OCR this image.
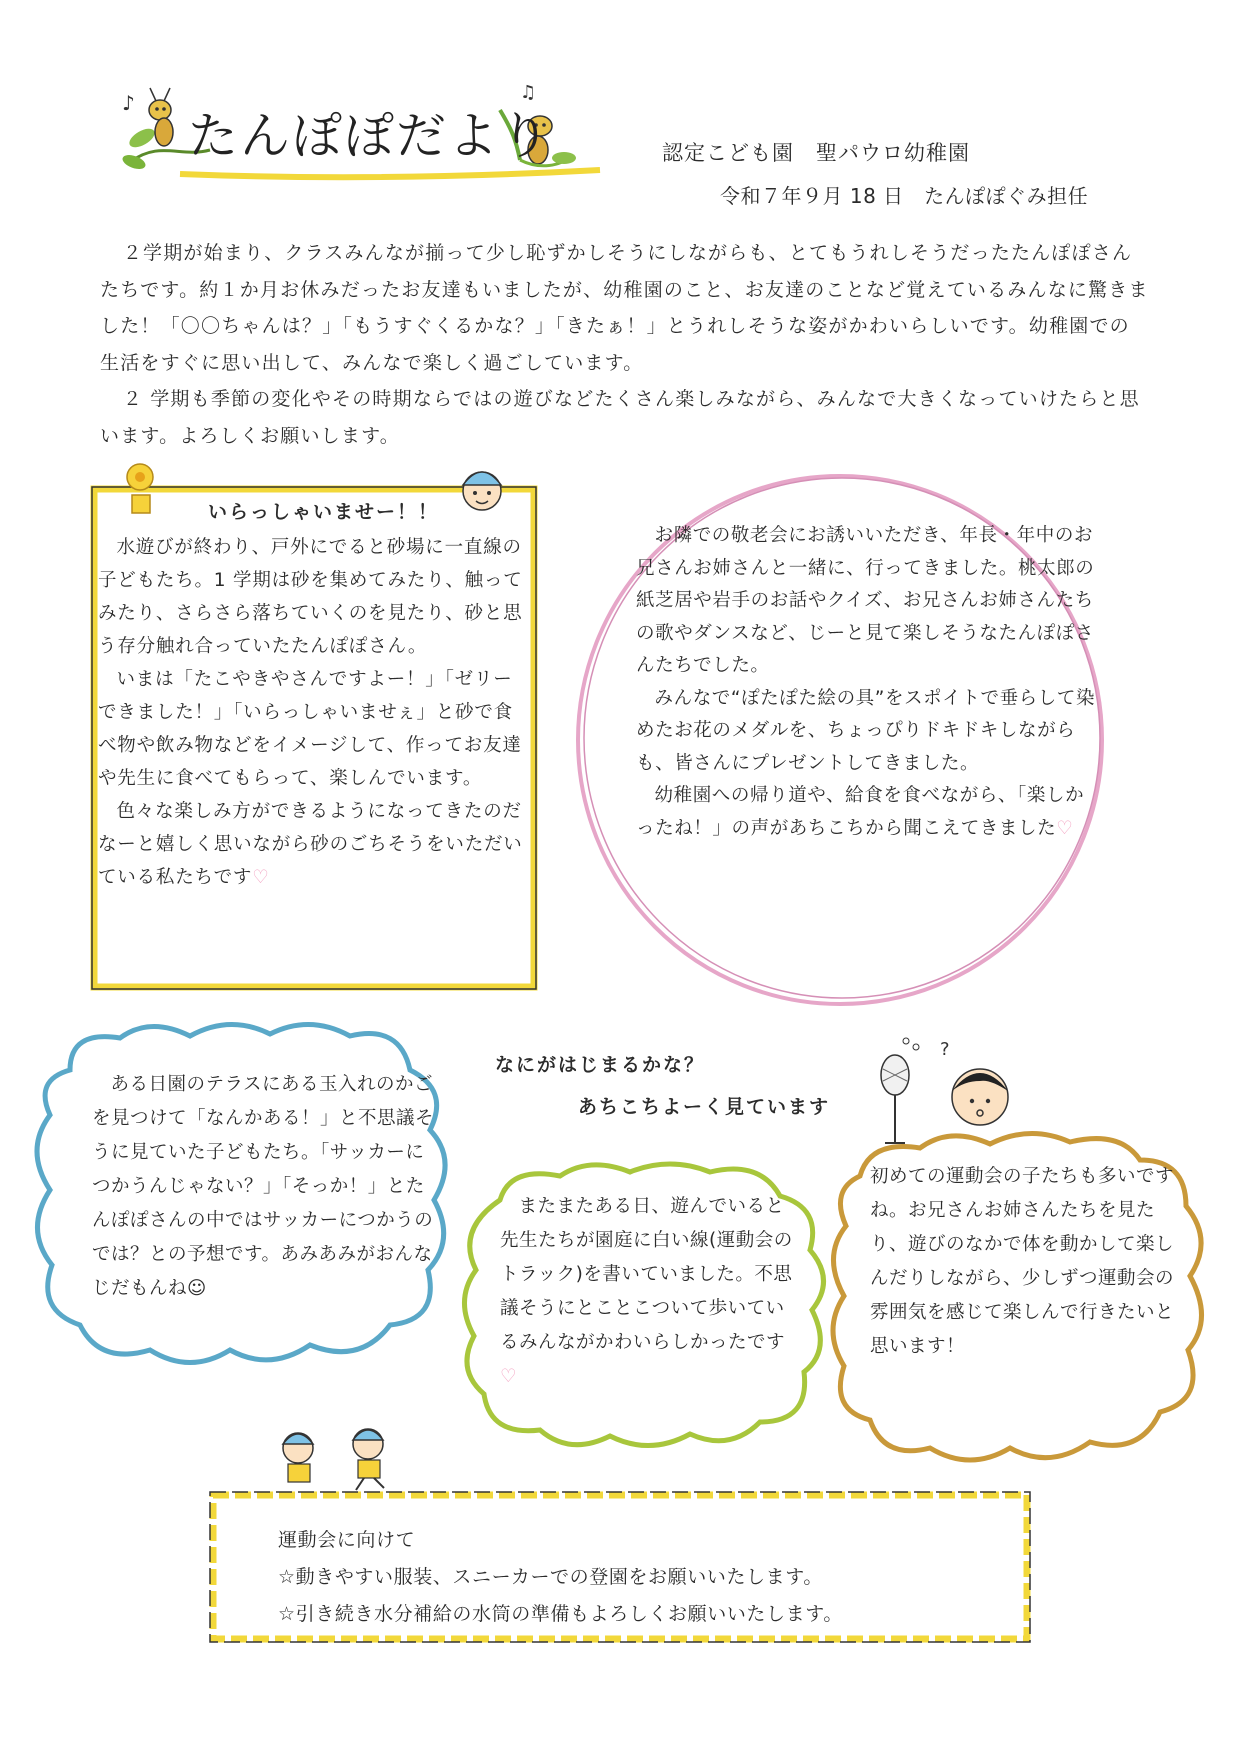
♪	♫
たんぽぽだより	認定こども園　聖パウロ幼稚園
令和７年９月 18 日　たんぽぽぐみ担任

２学期が始まり、クラスみんなが揃って少し恥ずかしそうにしながらも、とてもうれしそうだったたんぽぽさんたちです。約１か月お休みだったお友達もいましたが、幼稚園のこと、お友達のことなど覚えているみんなに驚きました！「〇〇ちゃんは？」「もうすぐくるかな？」「きたぁ！」とうれしそうな姿がかわいらしいです。幼稚園での生活をすぐに思い出して、みんなで楽しく過ごしています。

２ 学期も季節の変化やその時期ならではの遊びなどたくさん楽しみながら、みんなで大きくなっていけたらと思います。よろしくお願いします。

いらっしゃいませー！！

水遊びが終わり、戸外にでると砂場に一直線の子どもたち。1 学期は砂を集めてみたり、触ってみたり、さらさら落ちていくのを見たり、砂と思う存分触れ合っていたたんぽぽさん。

いまは「たこやきやさんですよー！」「ゼリーできました！」「いらっしゃいませぇ」と砂で食べ物や飲み物などをイメージして、作ってお友達や先生に食べてもらって、楽しんでいます。

色々な楽しみ方ができるようになってきたのだなーと嬉しく思いながら砂のごちそうをいただいている私たちです♡

お隣での敬老会にお誘いいただき、年長・年中のお兄さんお姉さんと一緒に、行ってきました。桃太郎の紙芝居や岩手のお話やクイズ、お兄さんお姉さんたちの歌やダンスなど、じーと見て楽しそうなたんぽぽさんたちでした。

みんなで“ぽたぽた絵の具”をスポイトで垂らして染めたお花のメダルを、ちょっぴりドキドキしながらも、皆さんにプレゼントしてきました。

幼稚園への帰り道や、給食を食べながら、「楽しかったね！」の声があちこちから聞こえてきました♡

なにがはじまるかな？
あちこちよーく見ています
?

ある日園のテラスにある玉入れのかごを見つけて「なんかある！」と不思議そうに見ていた子どもたち。「サッカーにつかうんじゃない？」「そっか！」とたんぽぽさんの中ではサッカーにつかうのでは？との予想です。あみあみがおんなじだもんね☺

またまたある日、遊んでいると先生たちが園庭に白い線(運動会のトラック)を書いていました。不思議そうにとことこついて歩いているみんながかわいらしかったです♡

初めての運動会の子たちも多いですね。お兄さんお姉さんたちを見たり、遊びのなかで体を動かして楽しんだりしながら、少しずつ運動会の雰囲気を感じて楽しんで行きたいと思います！

運動会に向けて
☆動きやすい服装、スニーカーでの登園をお願いいたします。
☆引き続き水分補給の水筒の準備もよろしくお願いいたします。
